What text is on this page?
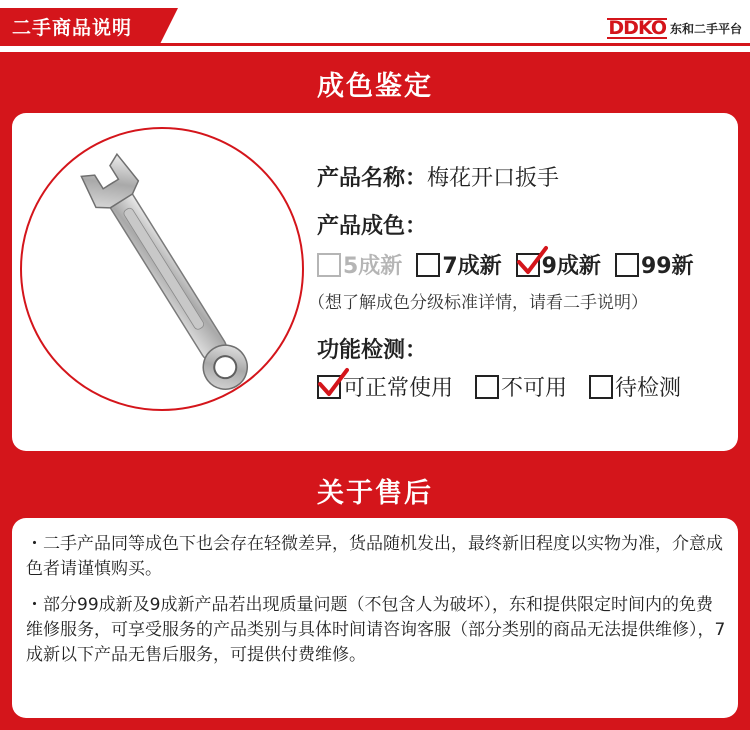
二手商品说明	DDKO 东和二手平台
成色鉴定
产品名称：梅花开口扳手
产品成色：
5成新 7成新 9成新 99新
（想了解成色分级标准详情，请看二手说明）
功能检测：
可正常使用 不可用 待检测
关于售后

・二手产品同等成色下也会存在轻微差异，货品随机发出，最终新旧程度以实物为准，介意成色者请谨慎购买。

・部分99成新及9成新产品若出现质量问题（不包含人为破坏），东和提供限定时间内的免费维修服务，可享受服务的产品类别与具体时间请咨询客服（部分类别的商品无法提供维修），7成新以下产品无售后服务，可提供付费维修。
